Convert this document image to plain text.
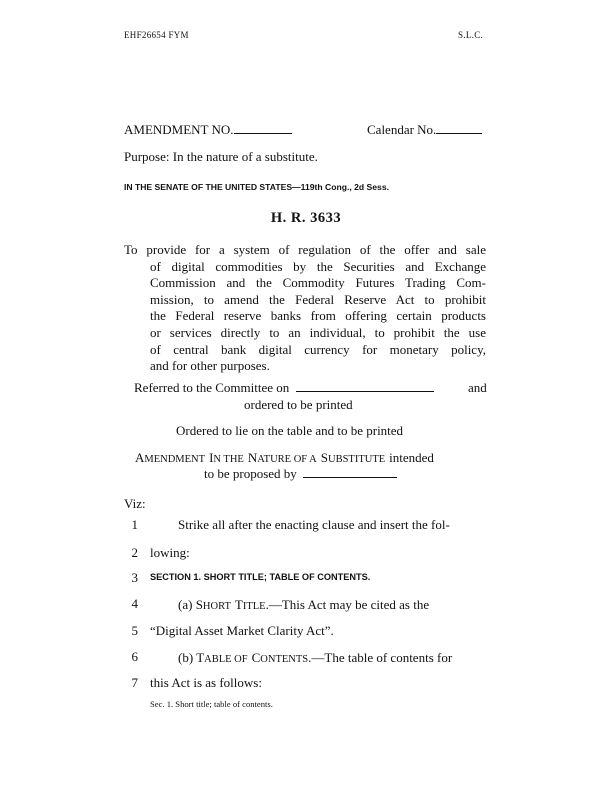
EHF26654 FYM	S.L.C.
AMENDMENT NO.	Calendar No.
Purpose: In the nature of a substitute.
IN THE SENATE OF THE UNITED STATES—119th Cong., 2d Sess.
H. R. 3633
To provide for a system of regulation of the offer and sale
of digital commodities by the Securities and Exchange
Commission and the Commodity Futures Trading Com-
mission, to amend the Federal Reserve Act to prohibit
the Federal reserve banks from offering certain products
or services directly to an individual, to prohibit the use
of central bank digital currency for monetary policy,
and for other purposes.
Referred to the Committee on	and
ordered to be printed
Ordered to lie on the table and to be printed
AMENDMENT IN THE NATURE OF A SUBSTITUTE intended
to be proposed by
Viz:
1	Strike all after the enacting clause and insert the fol-
2 lowing:
3 SECTION 1. SHORT TITLE; TABLE OF CONTENTS.
4	(a) SHORT TITLE.—This Act may be cited as the
5 “Digital Asset Market Clarity Act”.
6	(b) TABLE OF CONTENTS.—The table of contents for
7 this Act is as follows:
Sec. 1. Short title; table of contents.
